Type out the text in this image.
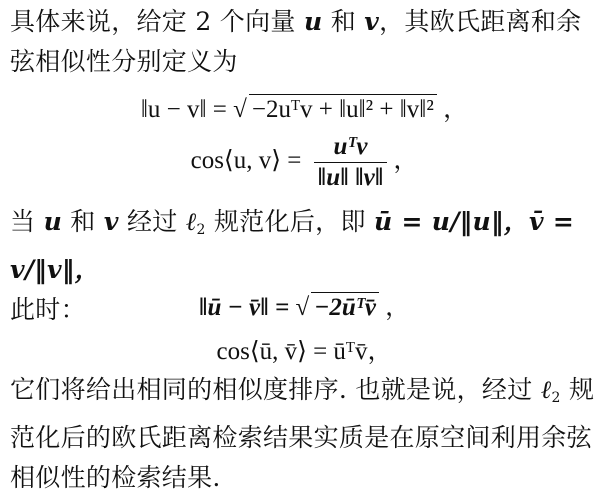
具体来说，给定 2 个向量 u 和 v，其欧氏距离和余弦相似性分别定义为
‖u − v‖ = √ −2uᵀv + ‖u‖² + ‖v‖² ，
cos⟨u, v⟩ = $\frac{\text{uᵀv}}{‖u‖ ‖v‖}$ ，
当 u 和 v 经过 ℓ$_2$ 规范化后，即 ū = u/‖u‖，v̄ = v/‖v‖，
此时：	‖ū − v̄‖ = √ −2ūᵀv̄ ，
cos⟨ū, v̄⟩ = ūᵀv̄，
它们将给出相同的相似度排序. 也就是说，经过 ℓ$_2$ 规范化后的欧氏距离检索结果实质是在原空间利用余弦相似性的检索结果.
